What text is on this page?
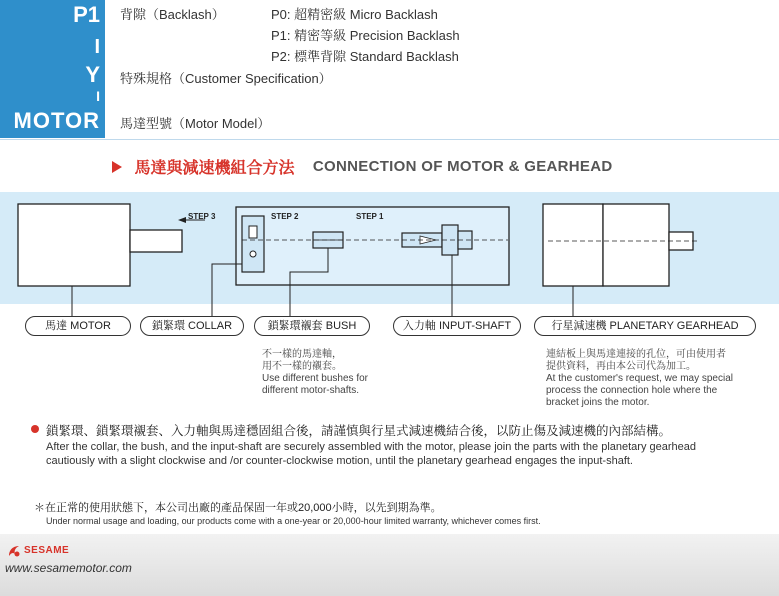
P1
I
Y
I
MOTOR
背隙（Backlash）	P0: 超精密級 Micro Backlash
P1: 精密等級 Precision Backlash
P2: 標準背隙 Standard Backlash
特殊規格（Customer Specification）
馬達型號（Motor Model）
馬達與減速機組合方法 CONNECTION OF MOTOR & GEARHEAD
STEP 3	STEP 2	STEP 1
馬達 MOTOR	鎖緊環 COLLAR	鎖緊環襯套 BUSH	入力軸 INPUT-SHAFT	行星減速機 PLANETARY GEARHEAD
不一樣的馬達軸，
用不一樣的襯套。
Use different bushes for
different motor-shafts.
連結板上與馬達連接的孔位，可由使用者
提供資料，再由本公司代為加工。
At the customer's request, we may special
process the connection hole where the
bracket joins the motor.
鎖緊環、鎖緊環襯套、入力軸與馬達穩固組合後，請謹慎與行星式減速機結合後，以防止傷及減速機的內部結構。
After the collar, the bush, and the input-shaft are securely assembled with the motor, please join the parts with the planetary gearhead cautiously with a slight clockwise and /or counter-clockwise motion, until the planetary gearhead engages the input-shaft.
＊在正常的使用狀態下，本公司出廠的產品保固一年或20,000小時，以先到期為準。
Under normal usage and loading, our products come with a one-year or 20,000-hour limited warranty, whichever comes first.
SESAME
www.sesamemotor.com
